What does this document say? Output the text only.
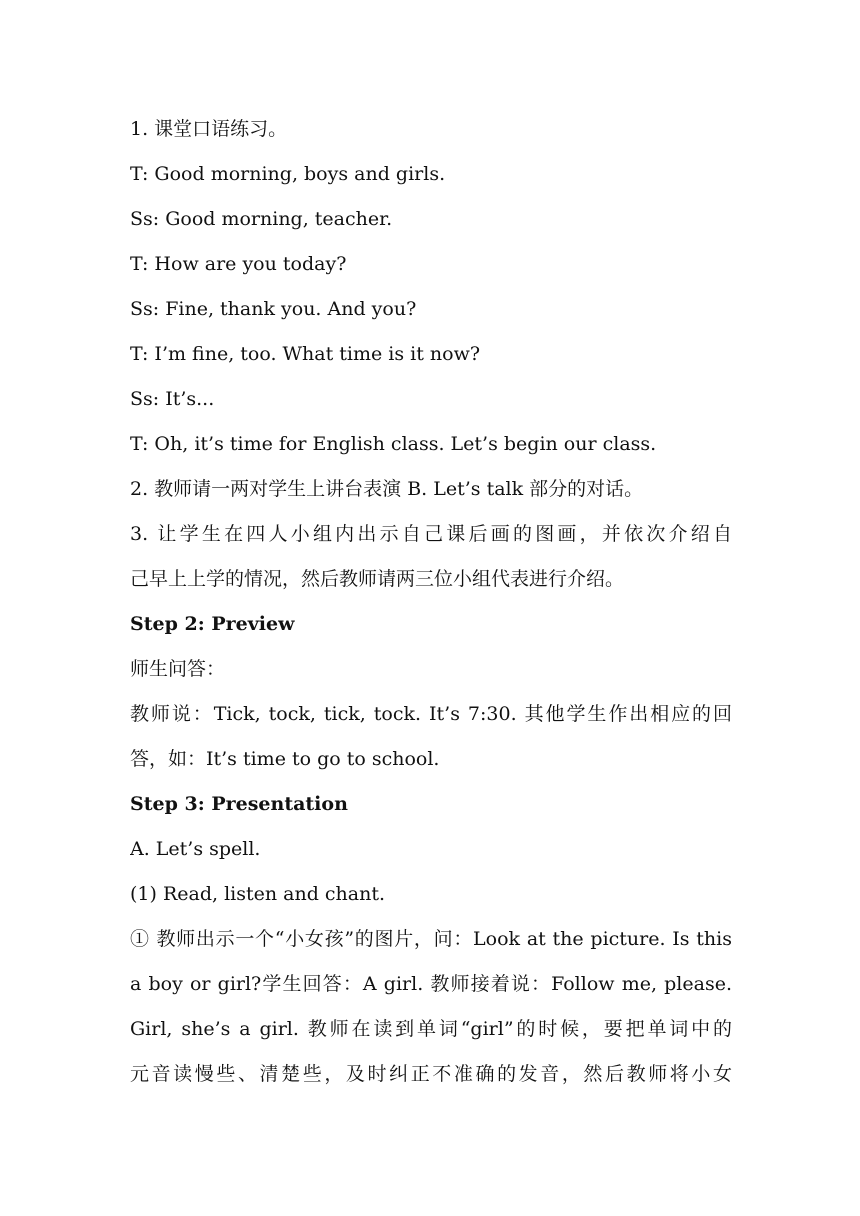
1. 课堂口语练习。
T: Good morning, boys and girls.
Ss: Good morning, teacher.
T: How are you today?
Ss: Fine, thank you. And you?
T: I’m fine, too. What time is it now?
Ss: It’s...
T: Oh, it’s time for English class. Let’s begin our class.
2. 教师请一两对学生上讲台表演 B. Let’s talk 部分的对话。
3. 让学生在四人小组内出示自己课后画的图画，并依次介绍自
己早上上学的情况，然后教师请两三位小组代表进行介绍。
Step 2: Preview
师生问答：
教师说：Tick, tock, tick, tock. It’s 7:30. 其他学生作出相应的回
答，如：It’s time to go to school.
Step 3: Presentation
A. Let’s spell.
(1) Read, listen and chant.
① 教师出示一个“小女孩”的图片，问：Look at the picture. Is this
a boy or girl?学生回答：A girl. 教师接着说：Follow me, please.
Girl, she’s a girl. 教师在读到单词“girl”的时候，要把单词中的
元音读慢些、清楚些，及时纠正不准确的发音，然后教师将小女
